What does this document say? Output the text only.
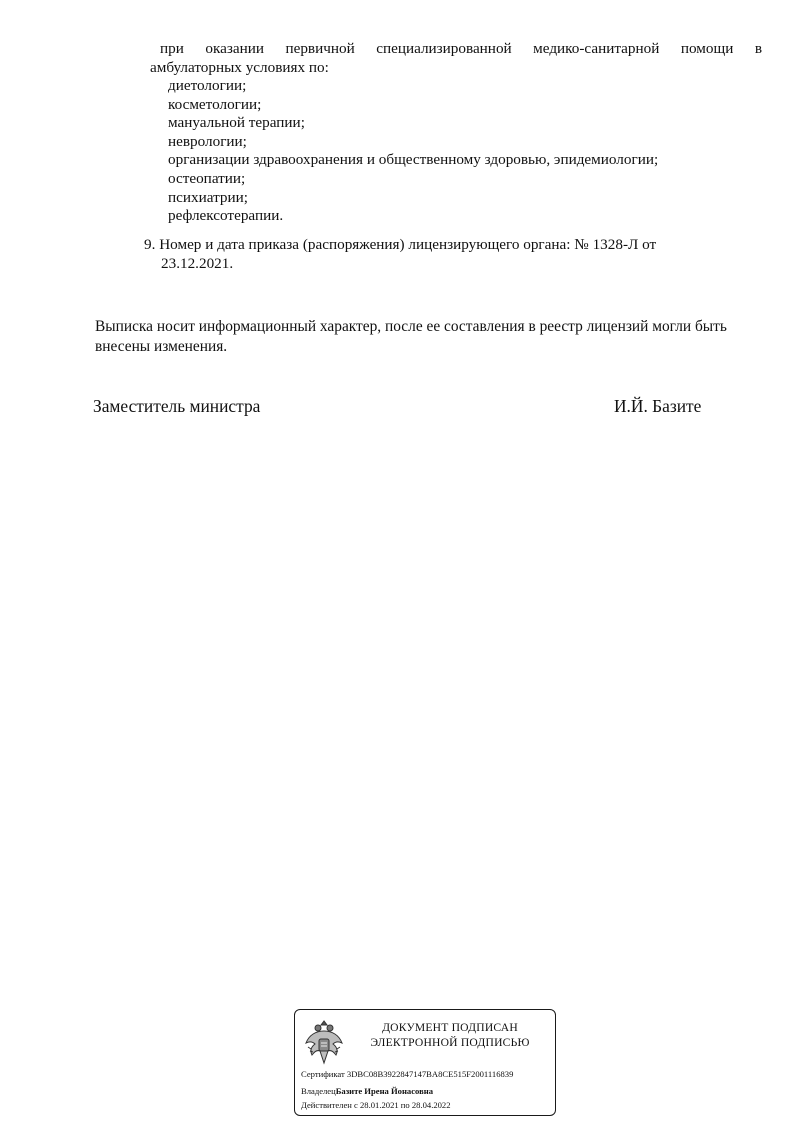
при оказании первичной специализированной медико-санитарной помощи в
амбулаторных условиях по:

диетологии;
косметологии;
мануальной терапии;
неврологии;
организации здравоохранения и общественному здоровью, эпидемиологии;
остеопатии;
психиатрии;
рефлексотерапии.

9. Номер и дата приказа (распоряжения) лицензирующего органа: № 1328-Л от
23.12.2021.

Выписка носит информационный характер, после ее составления в реестр лицензий могли быть внесены изменения.

Заместитель министра	И.Й. Базите

ДОКУМЕНТ ПОДПИСАН
ЭЛЕКТРОННОЙ ПОДПИСЬЮ

Сертификат 3DBC08B3922847147BA8CE515F2001116839

ВладелецБазите Ирена Йонасовна

Действителен с 28.01.2021 по 28.04.2022
